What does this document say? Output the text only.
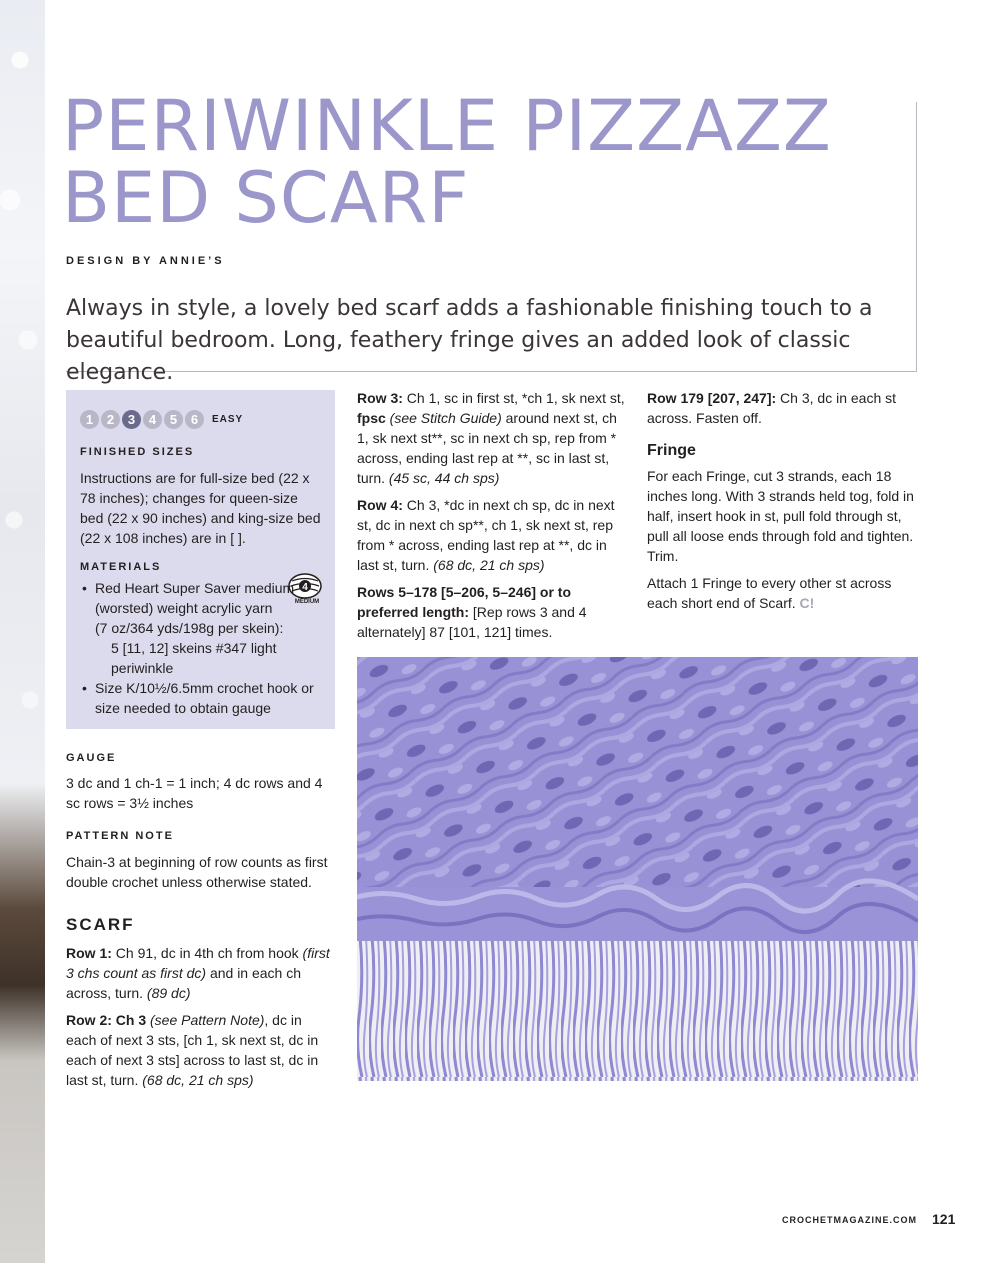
PERIWINKLE PIZZAZZ
BED SCARF
DESIGN BY ANNIE’S

Always in style, a lovely bed scarf adds a fashionable finishing touch to a beautiful bedroom. Long, feathery fringe gives an added look of classic elegance.

1	2	3	4	5	6	EASY

FINISHED SIZES

Instructions are for full-size bed (22 x 78 inches); changes for queen-size bed (22 x 90 inches) and king-size bed (22 x 108 inches) are in [ ].

MATERIALS

4
MEDIUM
• Red Heart Super Saver medium (worsted) weight acrylic yarn
(7 oz/364 yds/198g per skein):
5 [11, 12] skeins #347 light periwinkle
• Size K/10½/6.5mm crochet hook or size needed to obtain gauge

GAUGE

3 dc and 1 ch-1 = 1 inch; 4 dc rows and 4 sc rows = 3½ inches

PATTERN NOTE

Chain-3 at beginning of row counts as first double crochet unless otherwise stated.

SCARF

Row 1: Ch 91, dc in 4th ch from hook (first 3 chs count as first dc) and in each ch across, turn. (89 dc)

Row 2: Ch 3 (see Pattern Note), dc in each of next 3 sts, [ch 1, sk next st, dc in each of next 3 sts] across to last st, dc in last st, turn. (68 dc, 21 ch sps)

Row 3: Ch 1, sc in first st, *ch 1, sk next st, fpsc (see Stitch Guide) around next st, ch 1, sk next st**, sc in next ch sp, rep from * across, ending last rep at **, sc in last st, turn. (45 sc, 44 ch sps)

Row 4: Ch 3, *dc in next ch sp, dc in next st, dc in next ch sp**, ch 1, sk next st, rep from * across, ending last rep at **, dc in last st, turn. (68 dc, 21 ch sps)

Rows 5–178 [5–206, 5–246] or to preferred length: [Rep rows 3 and 4 alternately] 87 [101, 121] times.

Row 179 [207, 247]: Ch 3, dc in each st across. Fasten off.

Fringe

For each Fringe, cut 3 strands, each 18 inches long. With 3 strands held tog, fold in half, insert hook in st, pull fold through st, pull all loose ends through fold and tighten. Trim.

Attach 1 Fringe to every other st across each short end of Scarf. C!

CROCHETMAGAZINE.COM 121
